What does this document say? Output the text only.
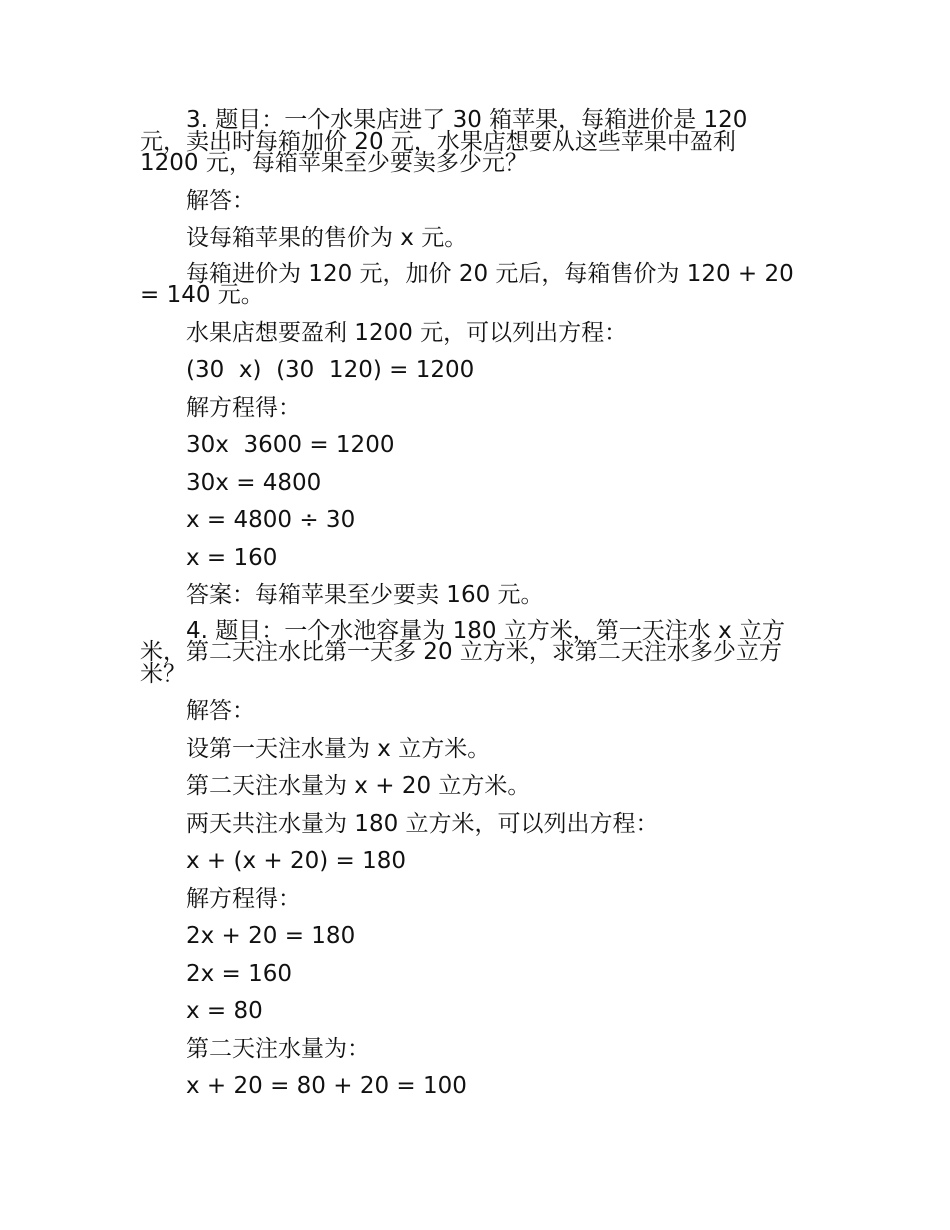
3. 题目：一个水果店进了 30 箱苹果，每箱进价是 120 元，卖出时每箱加价 20 元，水果店想要从这些苹果中盈利 1200 元，每箱苹果至少要卖多少元？

解答：

设每箱苹果的售价为 x 元。

每箱进价为 120 元，加价 20 元后，每箱售价为 120 + 20 = 140 元。

水果店想要盈利 1200 元，可以列出方程：

(30  x)  (30  120) = 1200

解方程得：

30x  3600 = 1200

30x = 4800

x = 4800 ÷ 30

x = 160

答案：每箱苹果至少要卖 160 元。

4. 题目：一个水池容量为 180 立方米，第一天注水 x 立方米，第二天注水比第一天多 20 立方米，求第二天注水多少立方米？

解答：

设第一天注水量为 x 立方米。

第二天注水量为 x + 20 立方米。

两天共注水量为 180 立方米，可以列出方程：

x + (x + 20) = 180

解方程得：

2x + 20 = 180

2x = 160

x = 80

第二天注水量为：

x + 20 = 80 + 20 = 100
